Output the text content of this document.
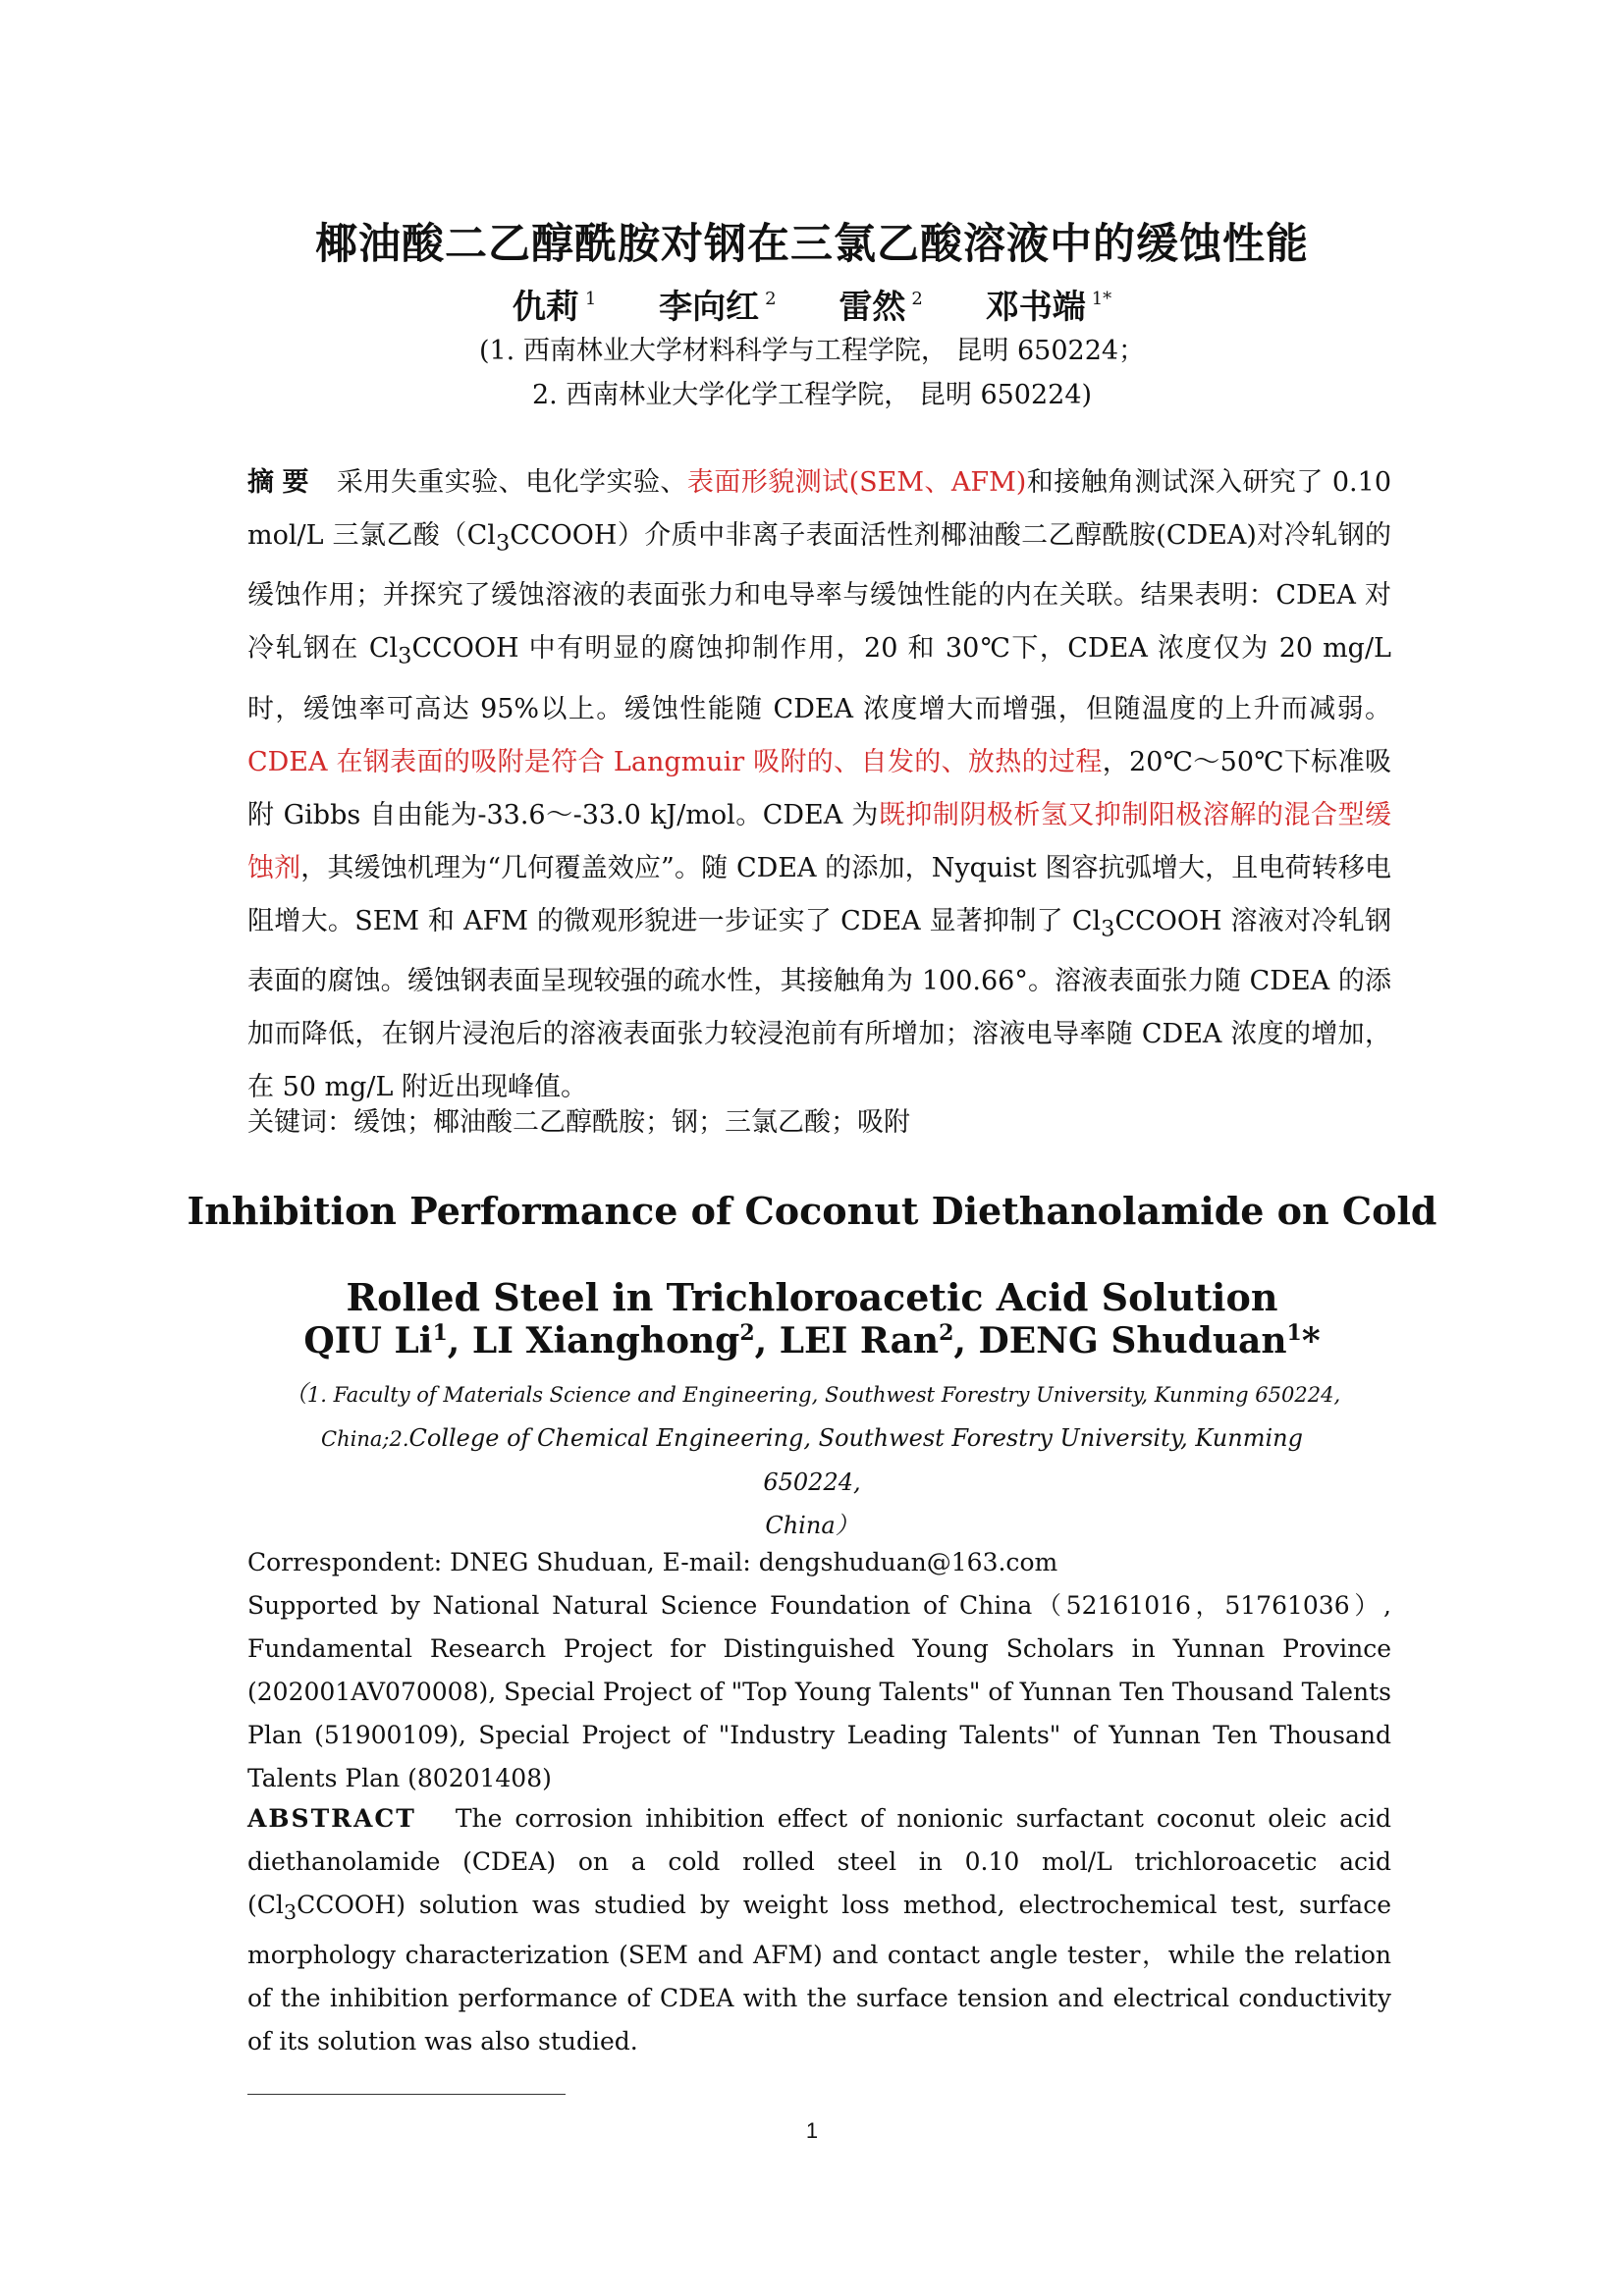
椰油酸二乙醇酰胺对钢在三氯乙酸溶液中的缓蚀性能
仇莉 $^1$ 李向红 $^2$ 雷然 $^2$ 邓书端 $^{1*}$
(1. 西南林业大学材料科学与工程学院， 昆明 650224；
2. 西南林业大学化学工程学院， 昆明 650224)

摘要 采用失重实验、电化学实验、表面形貌测试(SEM、AFM)和接触角测试深入研究了 0.10 mol/L 三氯乙酸$(Cl_3CCOOH)$介质中非离子表面活性剂椰油酸二乙醇酰胺(CDEA)对冷轧钢的缓蚀作用；并探究了缓蚀溶液的表面张力和电导率与缓蚀性能的内在关联。结果表明：CDEA 对冷轧钢在 $Cl_3CCOOH$ 中有明显的腐蚀抑制作用，20 和 30℃下，CDEA 浓度仅为 20 mg/L 时，缓蚀率可高达 95%以上。缓蚀性能随 CDEA 浓度增大而增强，但随温度的上升而减弱。CDEA 在钢表面的吸附是符合 Langmuir 吸附的、自发的、放热的过程，20℃～50℃下标准吸附 Gibbs 自由能为-33.6～-33.0 kJ/mol。CDEA 为既抑制阴极析氢又抑制阳极溶解的混合型缓蚀剂，其缓蚀机理为“几何覆盖效应”。随 CDEA 的添加，Nyquist 图容抗弧增大，且电荷转移电阻增大。SEM 和 AFM 的微观形貌进一步证实了 CDEA 显著抑制了 $Cl_3CCOOH$ 溶液对冷轧钢表面的腐蚀。缓蚀钢表面呈现较强的疏水性，其接触角为 100.66°。溶液表面张力随 CDEA 的添加而降低，在钢片浸泡后的溶液表面张力较浸泡前有所增加；溶液电导率随 CDEA 浓度的增加，在 50 mg/L 附近出现峰值。

关键词：缓蚀；椰油酸二乙醇酰胺；钢；三氯乙酸；吸附
Inhibition Performance of Coconut Diethanolamide on Cold
Rolled Steel in Trichloroacetic Acid Solution
QIU Li$^1$, LI Xianghong$^2$, LEI Ran$^2$, DENG Shuduan$^1$*
（1. Faculty of Materials Science and Engineering, Southwest Forestry University, Kunming 650224,
China;2.College of Chemical Engineering, Southwest Forestry University, Kunming 650224,
China）
Correspondent: DNEG Shuduan, E-mail: dengshuduan@163.com

Supported by National Natural Science Foundation of China（52161016，51761036）, Fundamental Research Project for Distinguished Young Scholars in Yunnan Province (202001AV070008), Special Project of "Top Young Talents" of Yunnan Ten Thousand Talents Plan (51900109), Special Project of "Industry Leading Talents" of Yunnan Ten Thousand Talents Plan (80201408)

ABSTRACT The corrosion inhibition effect of nonionic surfactant coconut oleic acid diethanolamide (CDEA) on a cold rolled steel in 0.10 mol/L trichloroacetic acid $(Cl_3CCOOH)$ solution was studied by weight loss method, electrochemical test, surface morphology characterization (SEM and AFM) and contact angle tester，while the relation of the inhibition performance of CDEA with the surface tension and electrical conductivity of its solution was also studied.

1
